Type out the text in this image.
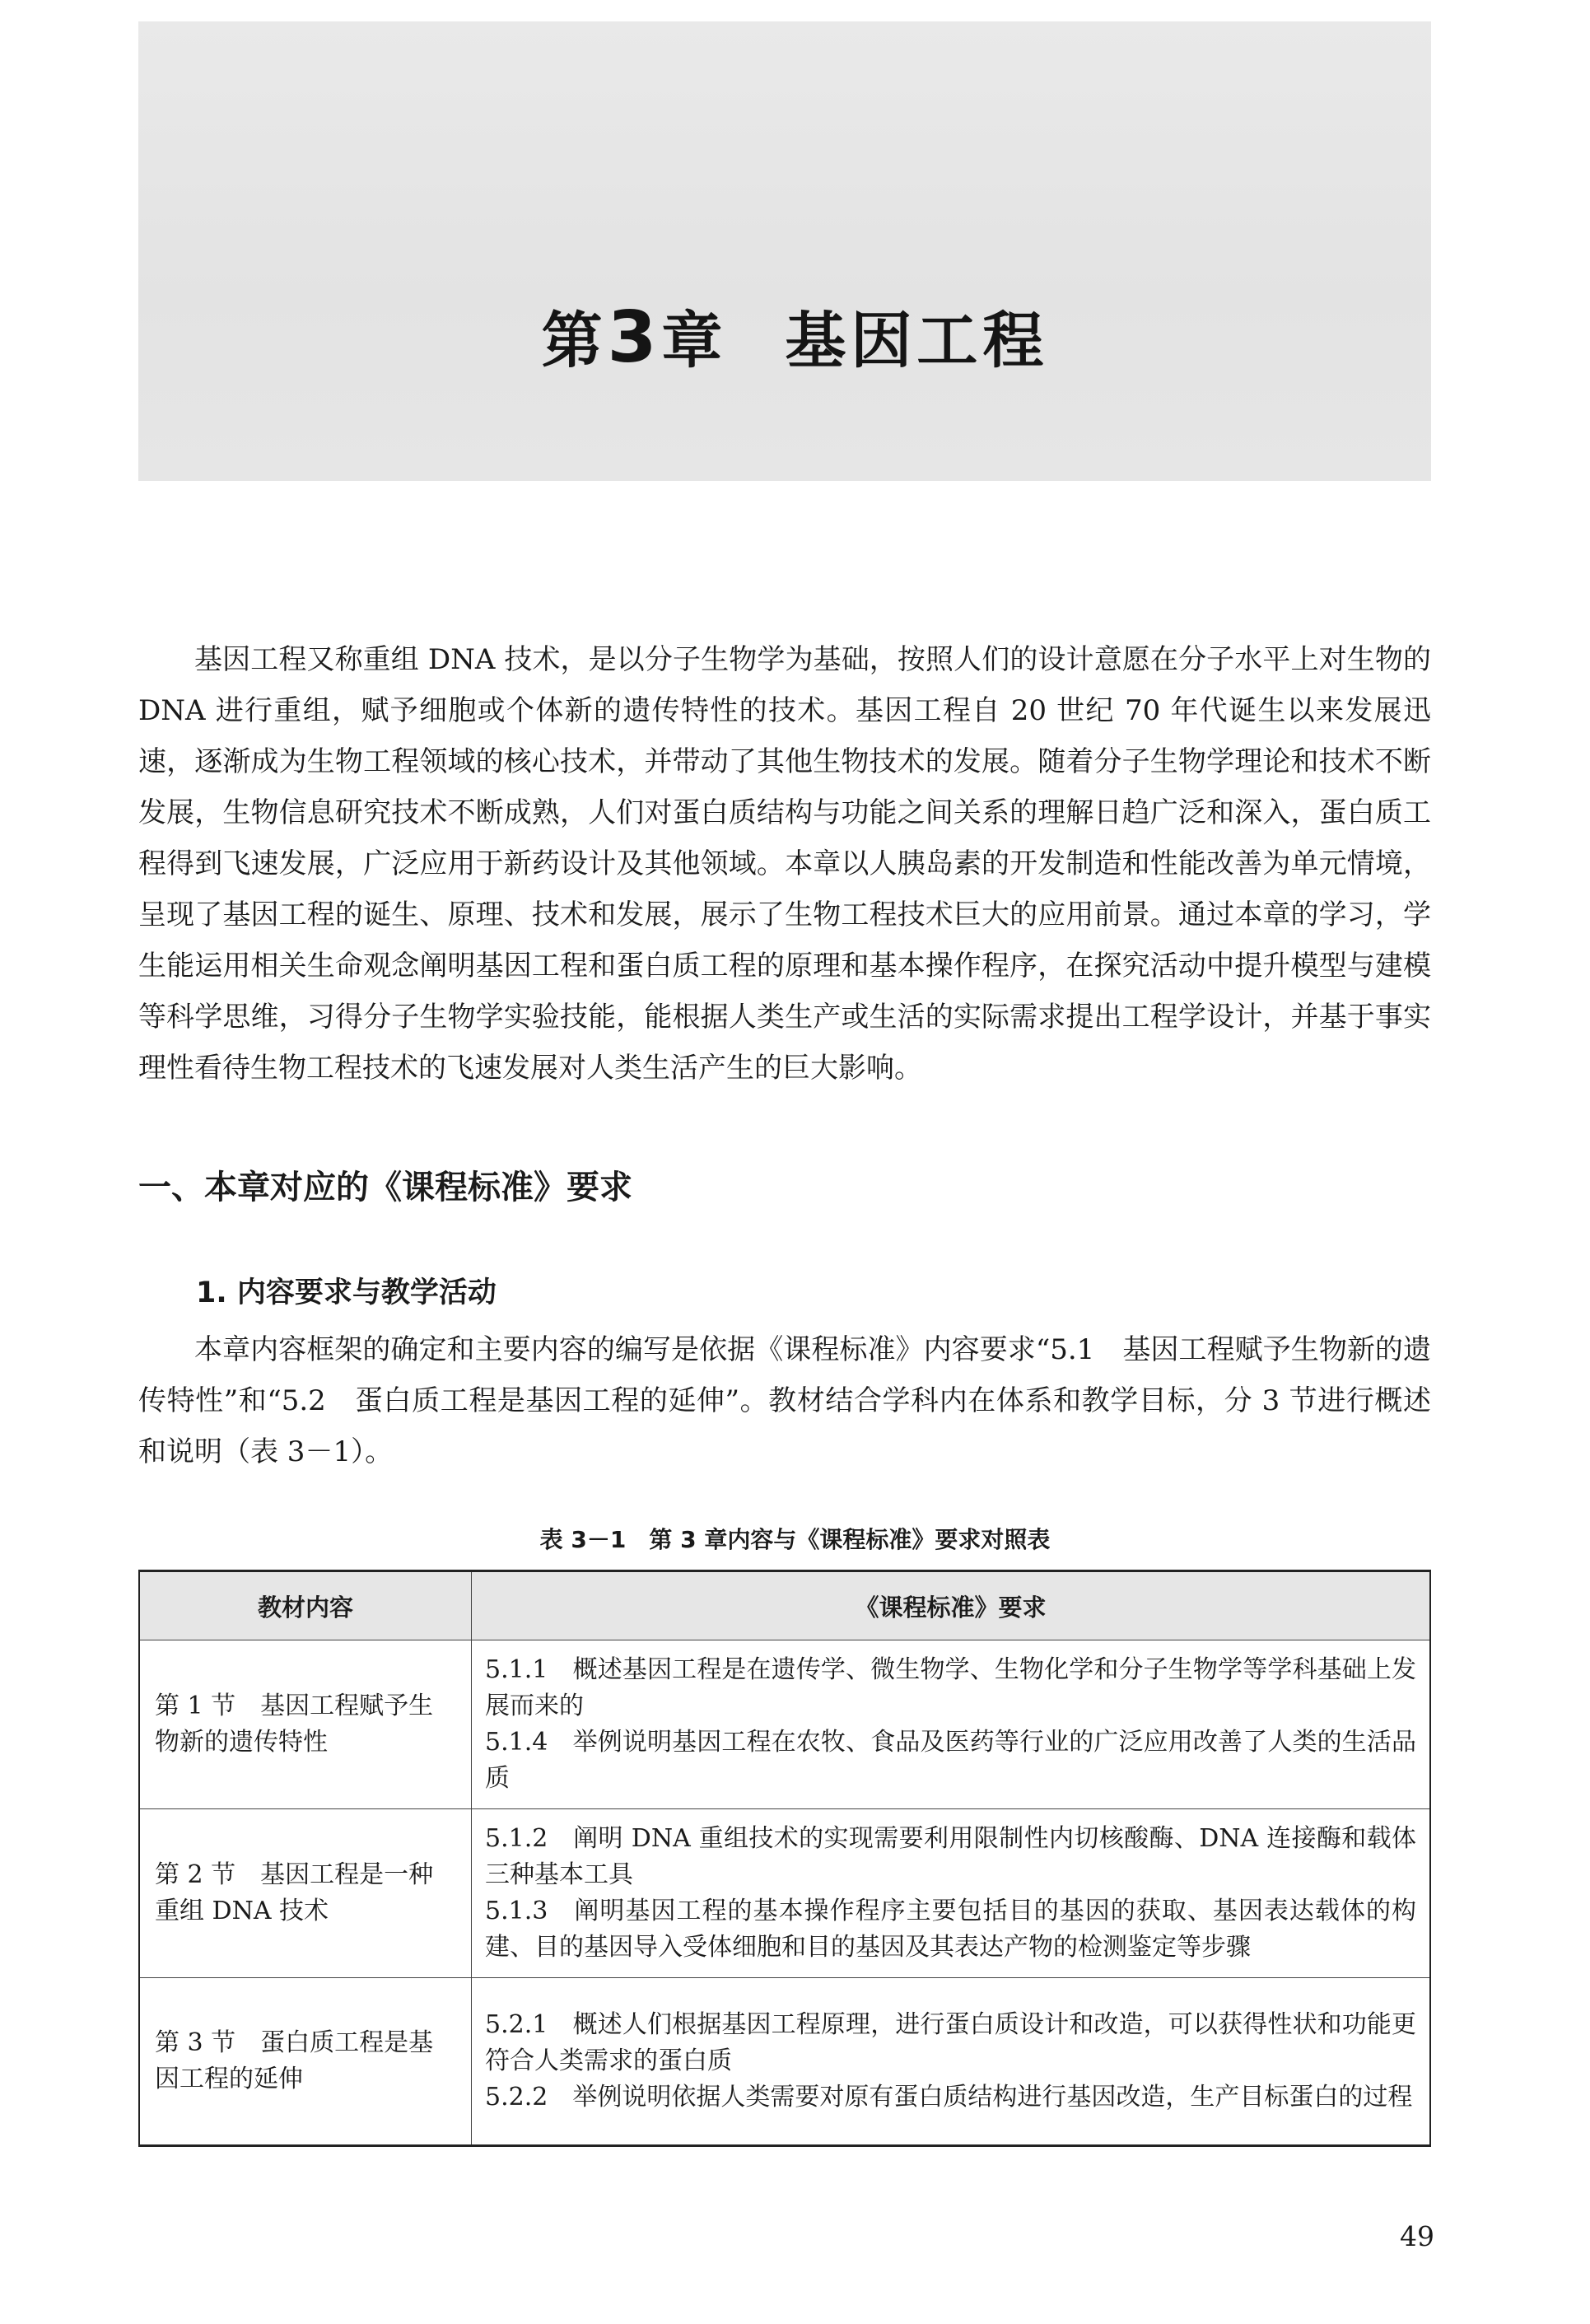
第3章 基因工程

基因工程又称重组 DNA 技术，是以分子生物学为基础，按照人们的设计意愿在分子水平上对生物的 DNA 进行重组，赋予细胞或个体新的遗传特性的技术。基因工程自 20 世纪 70 年代诞生以来发展迅速，逐渐成为生物工程领域的核心技术，并带动了其他生物技术的发展。随着分子生物学理论和技术不断发展，生物信息研究技术不断成熟，人们对蛋白质结构与功能之间关系的理解日趋广泛和深入，蛋白质工程得到飞速发展，广泛应用于新药设计及其他领域。本章以人胰岛素的开发制造和性能改善为单元情境，呈现了基因工程的诞生、原理、技术和发展，展示了生物工程技术巨大的应用前景。通过本章的学习，学生能运用相关生命观念阐明基因工程和蛋白质工程的原理和基本操作程序，在探究活动中提升模型与建模等科学思维，习得分子生物学实验技能，能根据人类生产或生活的实际需求提出工程学设计，并基于事实理性看待生物工程技术的飞速发展对人类生活产生的巨大影响。

一、本章对应的《课程标准》要求
1. 内容要求与教学活动

本章内容框架的确定和主要内容的编写是依据《课程标准》内容要求“5.1　基因工程赋予生物新的遗传特性”和“5.2　蛋白质工程是基因工程的延伸”。教材结合学科内在体系和教学目标，分 3 节进行概述和说明（表 3－1）。

表 3－1　第 3 章内容与《课程标准》要求对照表

教材内容	《课程标准》要求
第 1 节　基因工程赋予生物新的遗传特性	5.1.1　概述基因工程是在遗传学、微生物学、生物化学和分子生物学等学科基础上发展而来的
5.1.4　举例说明基因工程在农牧、食品及医药等行业的广泛应用改善了人类的生活品质

第 2 节　基因工程是一种重组 DNA 技术	5.1.2　阐明 DNA 重组技术的实现需要利用限制性内切核酸酶、DNA 连接酶和载体三种基本工具
5.1.3　阐明基因工程的基本操作程序主要包括目的基因的获取、基因表达载体的构建、目的基因导入受体细胞和目的基因及其表达产物的检测鉴定等步骤

第 3 节　蛋白质工程是基因工程的延伸	5.2.1　概述人们根据基因工程原理，进行蛋白质设计和改造，可以获得性状和功能更符合人类需求的蛋白质
5.2.2　举例说明依据人类需要对原有蛋白质结构进行基因改造，生产目标蛋白的过程

49
